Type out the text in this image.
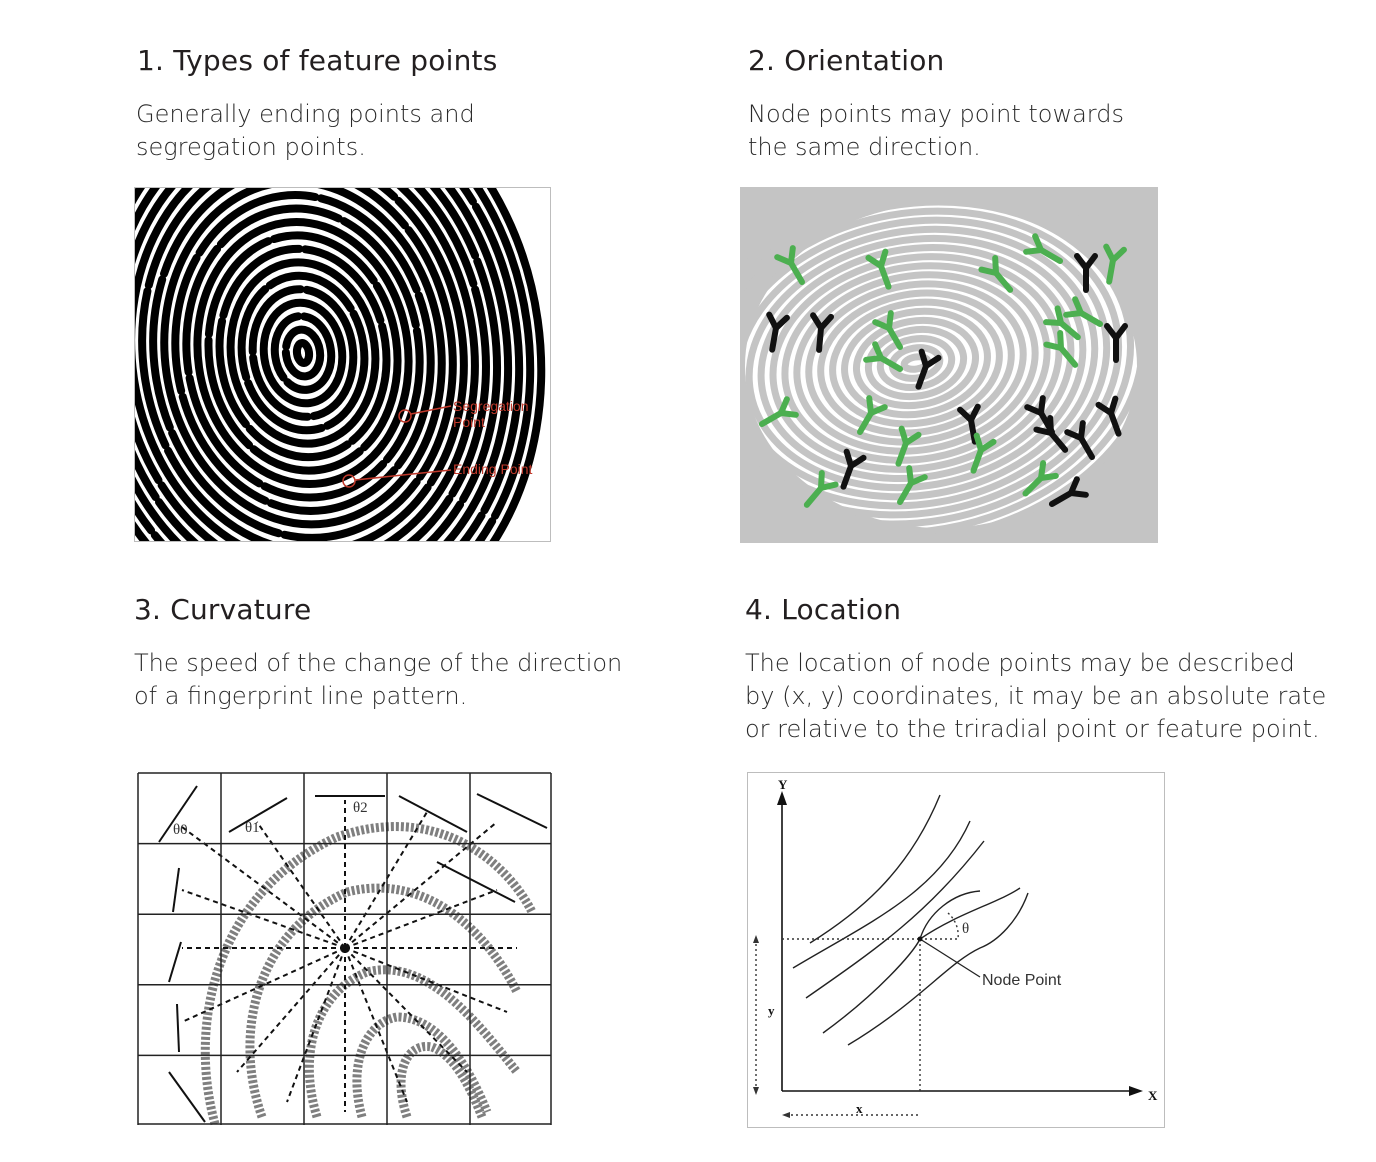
1. Types of feature points

Generally ending points and
segregation points.

Segregation
Point
Ending Point
2. Orientation

Node points may point towards
the same direction.

3. Curvature

The speed of the change of the direction
of a fingerprint line pattern.

θ0	θ1
θ2
4. Location

The location of node points may be described
by (x, y) coordinates, it may be an absolute rate
or relative to the triradial point or feature point.

Y
X
θ
Node Point
y
x
